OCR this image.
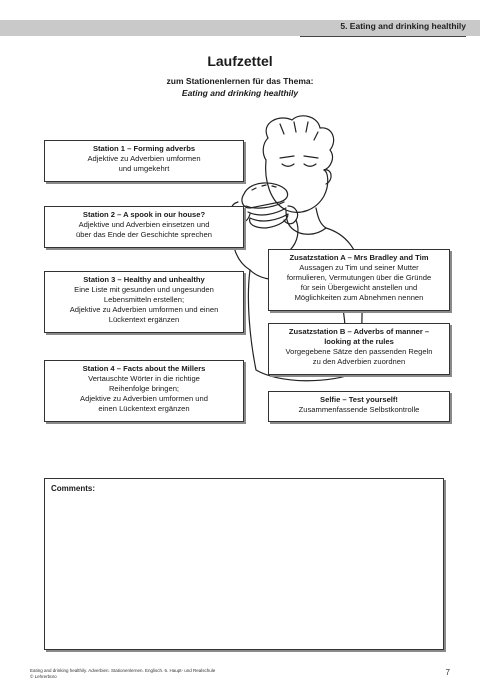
5. Eating and drinking healthily
Laufzettel
zum Stationenlernen für das Thema:
Eating and drinking healthily
Station 1 – Forming adverbs
Adjektive zu Adverbien umformen
und umgekehrt
Station 2 – A spook in our house?
Adjektive und Adverbien einsetzen und
über das Ende der Geschichte sprechen
Station 3 – Healthy and unhealthy
Eine Liste mit gesunden und ungesunden
Lebensmitteln erstellen;
Adjektive zu Adverbien umformen und einen
Lückentext ergänzen
Station 4 – Facts about the Millers
Vertauschte Wörter in die richtige
Reihenfolge bringen;
Adjektive zu Adverbien umformen und
einen Lückentext ergänzen
Zusatzstation A – Mrs Bradley and Tim
Aussagen zu Tim und seiner Mutter
formulieren, Vermutungen über die Gründe
für sein Übergewicht anstellen und
Möglichkeiten zum Abnehmen nennen
Zusatzstation B – Adverbs of manner –
looking at the rules
Vorgegebene Sätze den passenden Regeln
zu den Adverbien zuordnen
Selfie – Test yourself!
Zusammenfassende Selbstkontrolle
Comments:
Eating and drinking healthily. Adverbien. Stationenlernen. Englisch. 6. Haupt- und Realschule
© Lehrerbüro	7
